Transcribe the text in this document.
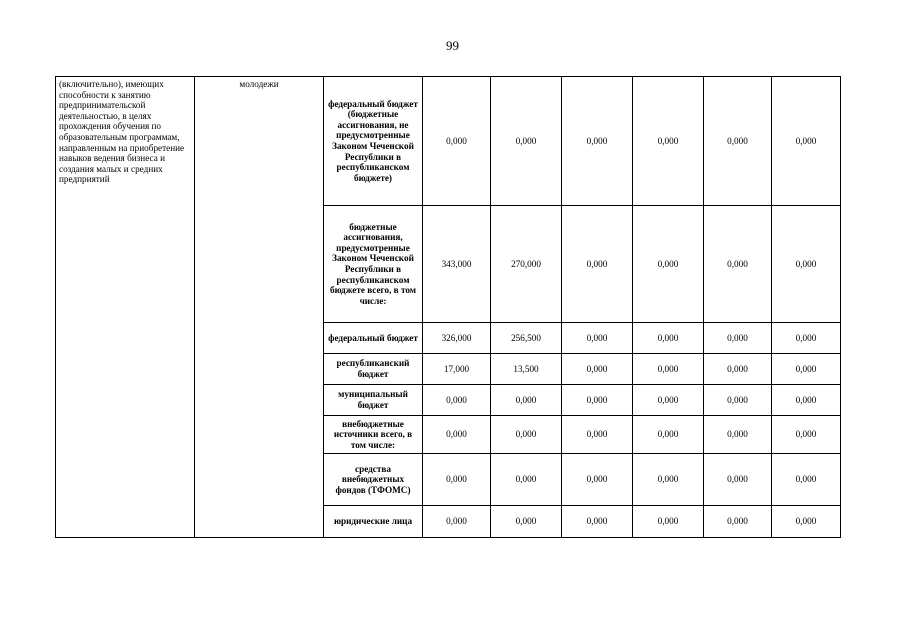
99
(включительно), имеющих способности к занятию предпринимательской деятельностью, в целях прохождения обучения по образовательным программам, направленным на приобретение навыков ведения бизнеса и создания малых и средних предприятий	молодежи	федеральный бюджет (бюджетные ассигнования, не предусмотренные Законом Чеченской Республики в республиканском бюджете)	0,000	0,000	0,000	0,000	0,000	0,000
		бюджетные ассигнования, предусмотренные Законом Чеченской Республики в республиканском бюджете всего, в том числе:	343,000	270,000	0,000	0,000	0,000	0,000
		федеральный бюджет	326,000	256,500	0,000	0,000	0,000	0,000
		республиканский бюджет	17,000	13,500	0,000	0,000	0,000	0,000
		муниципальный бюджет	0,000	0,000	0,000	0,000	0,000	0,000
		внебюджетные источники всего, в том числе:	0,000	0,000	0,000	0,000	0,000	0,000
		средства внебюджетных фондов (ТФОМС)	0,000	0,000	0,000	0,000	0,000	0,000
		юридические лица	0,000	0,000	0,000	0,000	0,000	0,000
